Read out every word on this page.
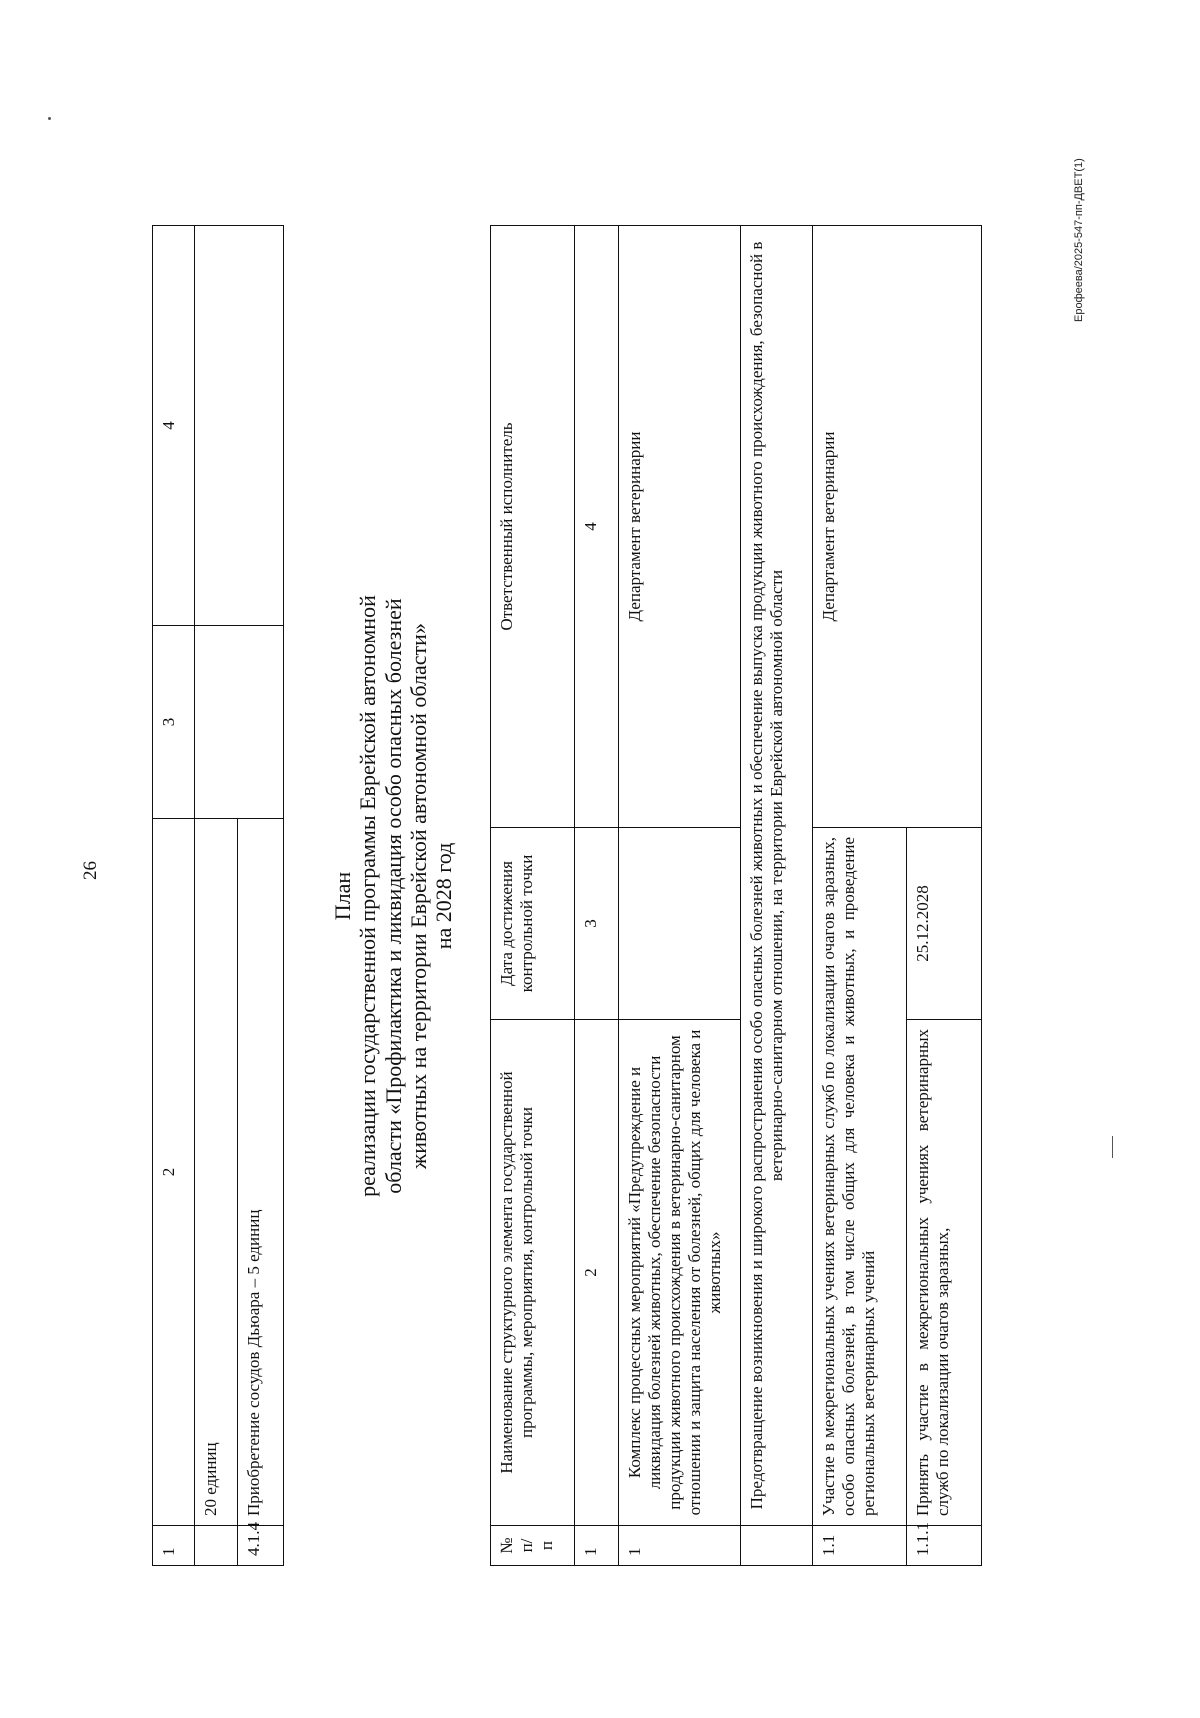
26
1	2	3	4
	20 единиц		
4.1.4	Приобретение сосудов Дьюара – 5 единиц		
План реализации государственной программы Еврейской автономной области «Профилактика и ликвидация особо опасных болезней животных на территории Еврейской автономной области» на 2028 год
№ п/п	Наименование структурного элемента государственной программы, мероприятия, контрольной точки	Дата достижения контрольной точки	Ответственный исполнитель
1	2	3	4
1	Комплекс процессных мероприятий «Предупреждение и ликвидация болезней животных, обеспечение безопасности продукции животного происхождения в ветеринарно-санитарном отношении и защита населения от болезней, общих для человека и животных»		Департамент ветеринарии
	Предотвращение возникновения и широкого распространения особо опасных болезней животных и обеспечение выпуска продукции животного происхождения, безопасной в ветеринарно-санитарном отношении, на территории Еврейской автономной области		
1.1	Участие в межрегиональных учениях ветеринарных служб по локализации очагов заразных, особо опасных болезней, в том числе общих для человека и животных, и проведение региональных ветеринарных учений		Департамент ветеринарии
1.1.1	Принять участие в межрегиональных учениях ветеринарных служб по локализации очагов заразных,	25.12.2028	
Ерофеева/2025-547-пп-ДВЕТ(1)
